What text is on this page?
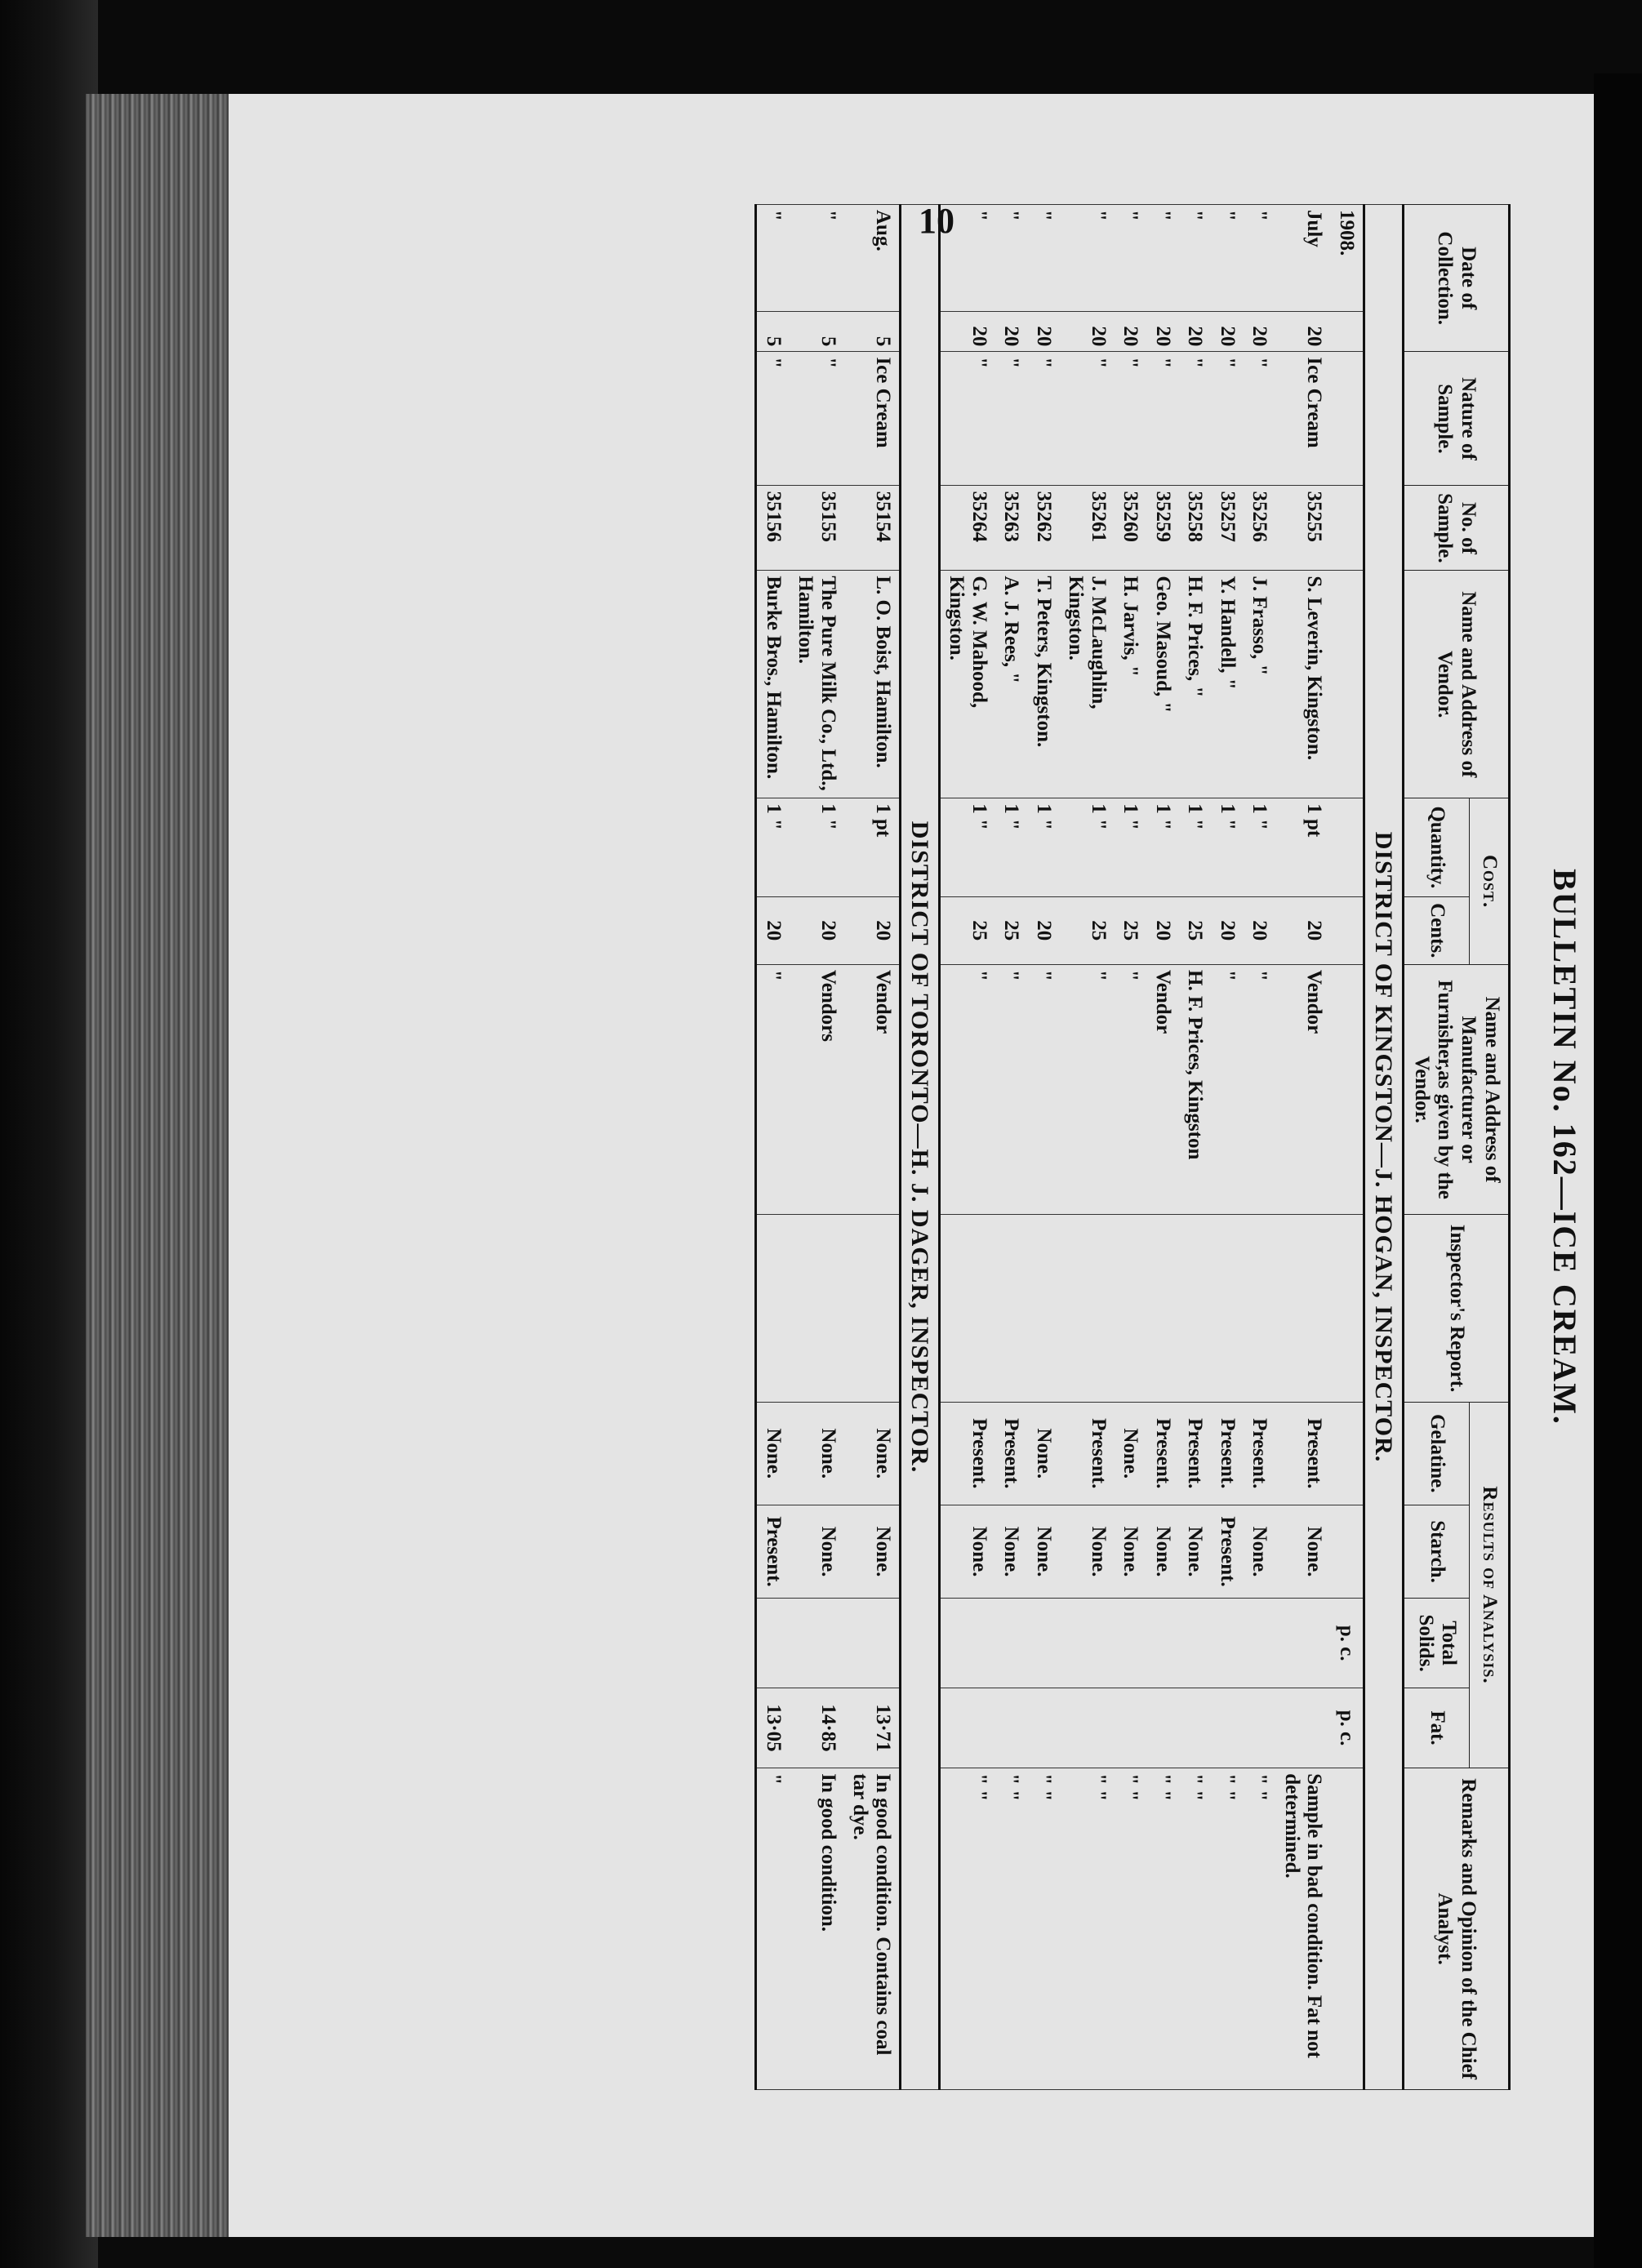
10
BULLETIN No. 162—ICE CREAM.
Date of Collection.		Nature of Sample.	No. of Sample.	Name and Address of Vendor.	Cost.		Name and Address of Manufacturer or Furnisher,as given by the Vendor.	Inspector's Report.	Results of Analysis.				Remarks and Opinion of the Chief Analyst.
					Quantity.	Cents.			Gelatine.	Starch.	Total Solids.	Fat.	
DISTRICT OF KINGSTON—J. HOGAN, INSPECTOR.													
1908.											p. c.	p. c.	
July	20	Ice Cream	35255	S. Leverin, Kingston.	1 pt	20	Vendor		Present.	None.			Sample in bad condition. Fat not determined.
"	20	"	35256	J. Frasso, "	1 "	20	"		Present.	None.			" "
"	20	"	35257	Y. Handell, "	1 "	20	"		Present.	Present.			" "
"	20	"	35258	H. F. Prices, "	1 "	25	H. F. Prices, Kingston		Present.	None.			" "
"	20	"	35259	Geo. Masoud, "	1 "	20	Vendor		Present.	None.			" "
"	20	"	35260	H. Jarvis, "	1 "	25	"		None.	None.			" "
"	20	"	35261	J. McLaughlin, Kingston.	1 "	25	"		Present.	None.			" "
"	20	"	35262	T. Peters, Kingston.	1 "	20	"		None.	None.			" "
"	20	"	35263	A. J. Rees, "	1 "	25	"		Present.	None.			" "
"	20	"	35264	G. W. Mahood, Kingston.	1 "	25	"		Present.	None.			" "
DISTRICT OF TORONTO—H. J. DAGER, INSPECTOR.													
Aug.	5	Ice Cream	35154	L. O. Boist, Hamilton.	1 pt	20	Vendor		None.	None.		13·71	In good condition. Contains coal tar dye.
"	5	"	35155	The Pure Milk Co., Ltd., Hamilton.	1 "	20	Vendors		None.	None.		14·85	In good condition.
"	5	"	35156	Burke Bros., Hamilton.	1 "	20	"		None.	Present.		13·05	"
